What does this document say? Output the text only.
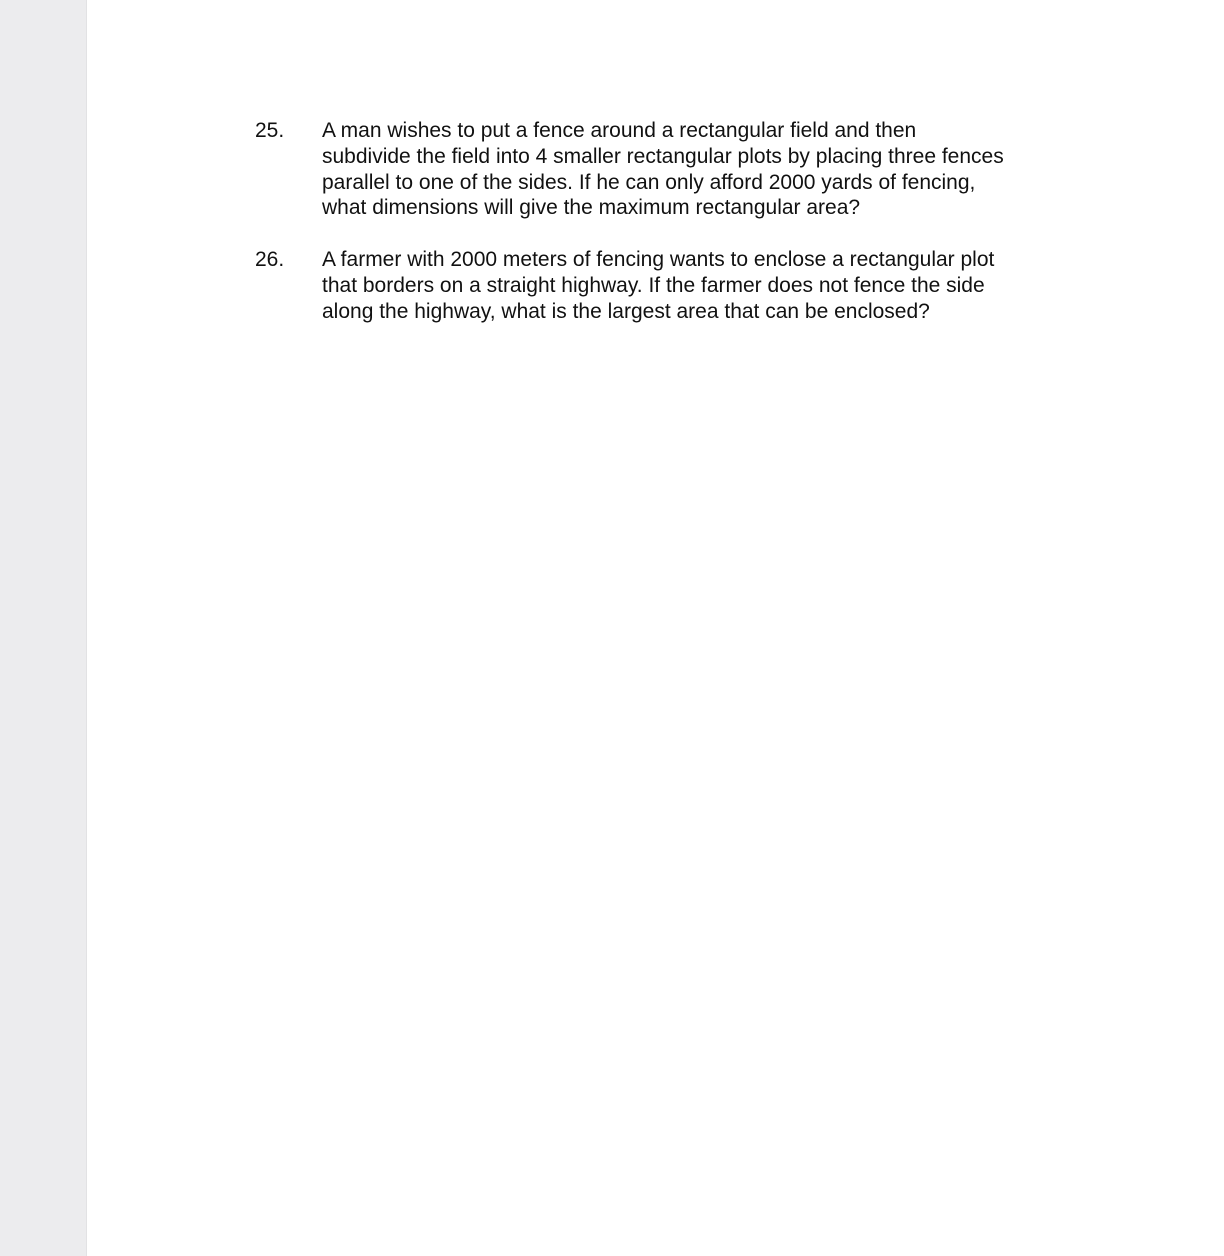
25.	A man wishes to put a fence around a rectangular field and then
subdivide the field into 4 smaller rectangular plots by placing three fences
parallel to one of the sides. If he can only afford 2000 yards of fencing,
what dimensions will give the maximum rectangular area?
26.	A farmer with 2000 meters of fencing wants to enclose a rectangular plot
that borders on a straight highway. If the farmer does not fence the side
along the highway, what is the largest area that can be enclosed?
